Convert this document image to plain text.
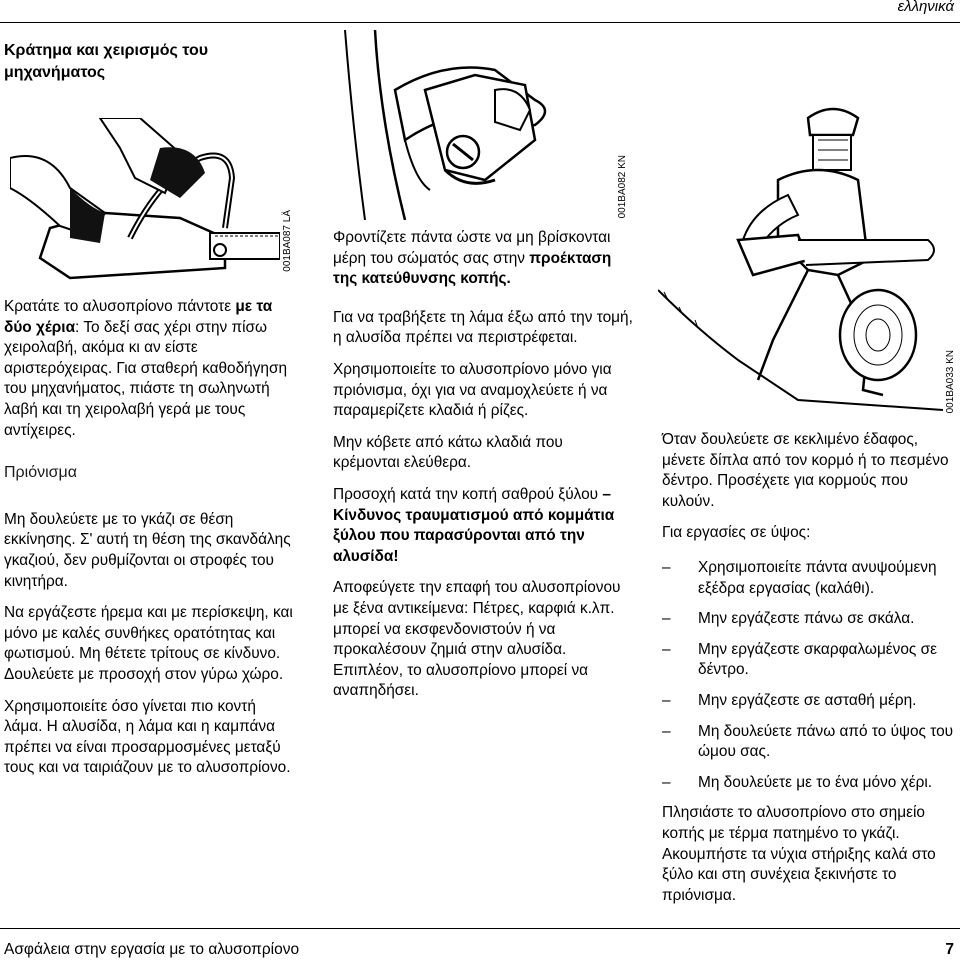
ελληνικά

Κράτημα και χειρισμός του μηχανήματος

001BA087 LÄ

Κρατάτε το αλυσοπρίονο πάντοτε με τα δύο χέρια: Το δεξί σας χέρι στην πίσω χειρολαβή, ακόμα κι αν είστε αριστερόχειρας. Για σταθερή καθοδήγηση του μηχανήματος, πιάστε τη σωληνωτή λαβή και τη χειρολαβή γερά με τους αντίχειρες.

Πριόνισμα

Μη δουλεύετε με το γκάζι σε θέση εκκίνησης. Σ' αυτή τη θέση της σκανδάλης γκαζιού, δεν ρυθμίζονται οι στροφές του κινητήρα.

Να εργάζεστε ήρεμα και με περίσκεψη, και μόνο με καλές συνθήκες ορατότητας και φωτισμού. Μη θέτετε τρίτους σε κίνδυνο. Δουλεύετε με προσοχή στον γύρω χώρο.

Χρησιμοποιείτε όσο γίνεται πιο κοντή λάμα. Η αλυσίδα, η λάμα και η καμπάνα πρέπει να είναι προσαρμοσμένες μεταξύ τους και να ταιριάζουν με το αλυσοπρίονο.

001BA082 KN

Φροντίζετε πάντα ώστε να μη βρίσκονται μέρη του σώματός σας στην προέκταση της κατεύθυνσης κοπής.

Για να τραβήξετε τη λάμα έξω από την τομή, η αλυσίδα πρέπει να περιστρέφεται.

Χρησιμοποιείτε το αλυσοπρίονο μόνο για πριόνισμα, όχι για να αναμοχλεύετε ή να παραμερίζετε κλαδιά ή ρίζες.

Μην κόβετε από κάτω κλαδιά που κρέμονται ελεύθερα.

Προσοχή κατά την κοπή σαθρού ξύλου – Κίνδυνος τραυματισμού από κομμάτια ξύλου που παρασύρονται από την αλυσίδα!

Αποφεύγετε την επαφή του αλυσοπρίονου με ξένα αντικείμενα: Πέτρες, καρφιά κ.λπ. μπορεί να εκσφενδονιστούν ή να προκαλέσουν ζημιά στην αλυσίδα. Επιπλέον, το αλυσοπρίονο μπορεί να αναπηδήσει.

001BA033 KN

Όταν δουλεύετε σε κεκλιμένο έδαφος, μένετε δίπλα από τον κορμό ή το πεσμένο δέντρο. Προσέχετε για κορμούς που κυλούν.

Για εργασίες σε ύψος:

– Χρησιμοποιείτε πάντα ανυψούμενη εξέδρα εργασίας (καλάθι).
– Μην εργάζεστε πάνω σε σκάλα.
– Μην εργάζεστε σκαρφαλωμένος σε δέντρο.
– Μην εργάζεστε σε ασταθή μέρη.
– Μη δουλεύετε πάνω από το ύψος του ώμου σας.
– Μη δουλεύετε με το ένα μόνο χέρι.

Πλησιάστε το αλυσοπρίονο στο σημείο κοπής με τέρμα πατημένο το γκάζι. Ακουμπήστε τα νύχια στήριξης καλά στο ξύλο και στη συνέχεια ξεκινήστε το πριόνισμα.

Ασφάλεια στην εργασία με το αλυσοπρίονο	7
